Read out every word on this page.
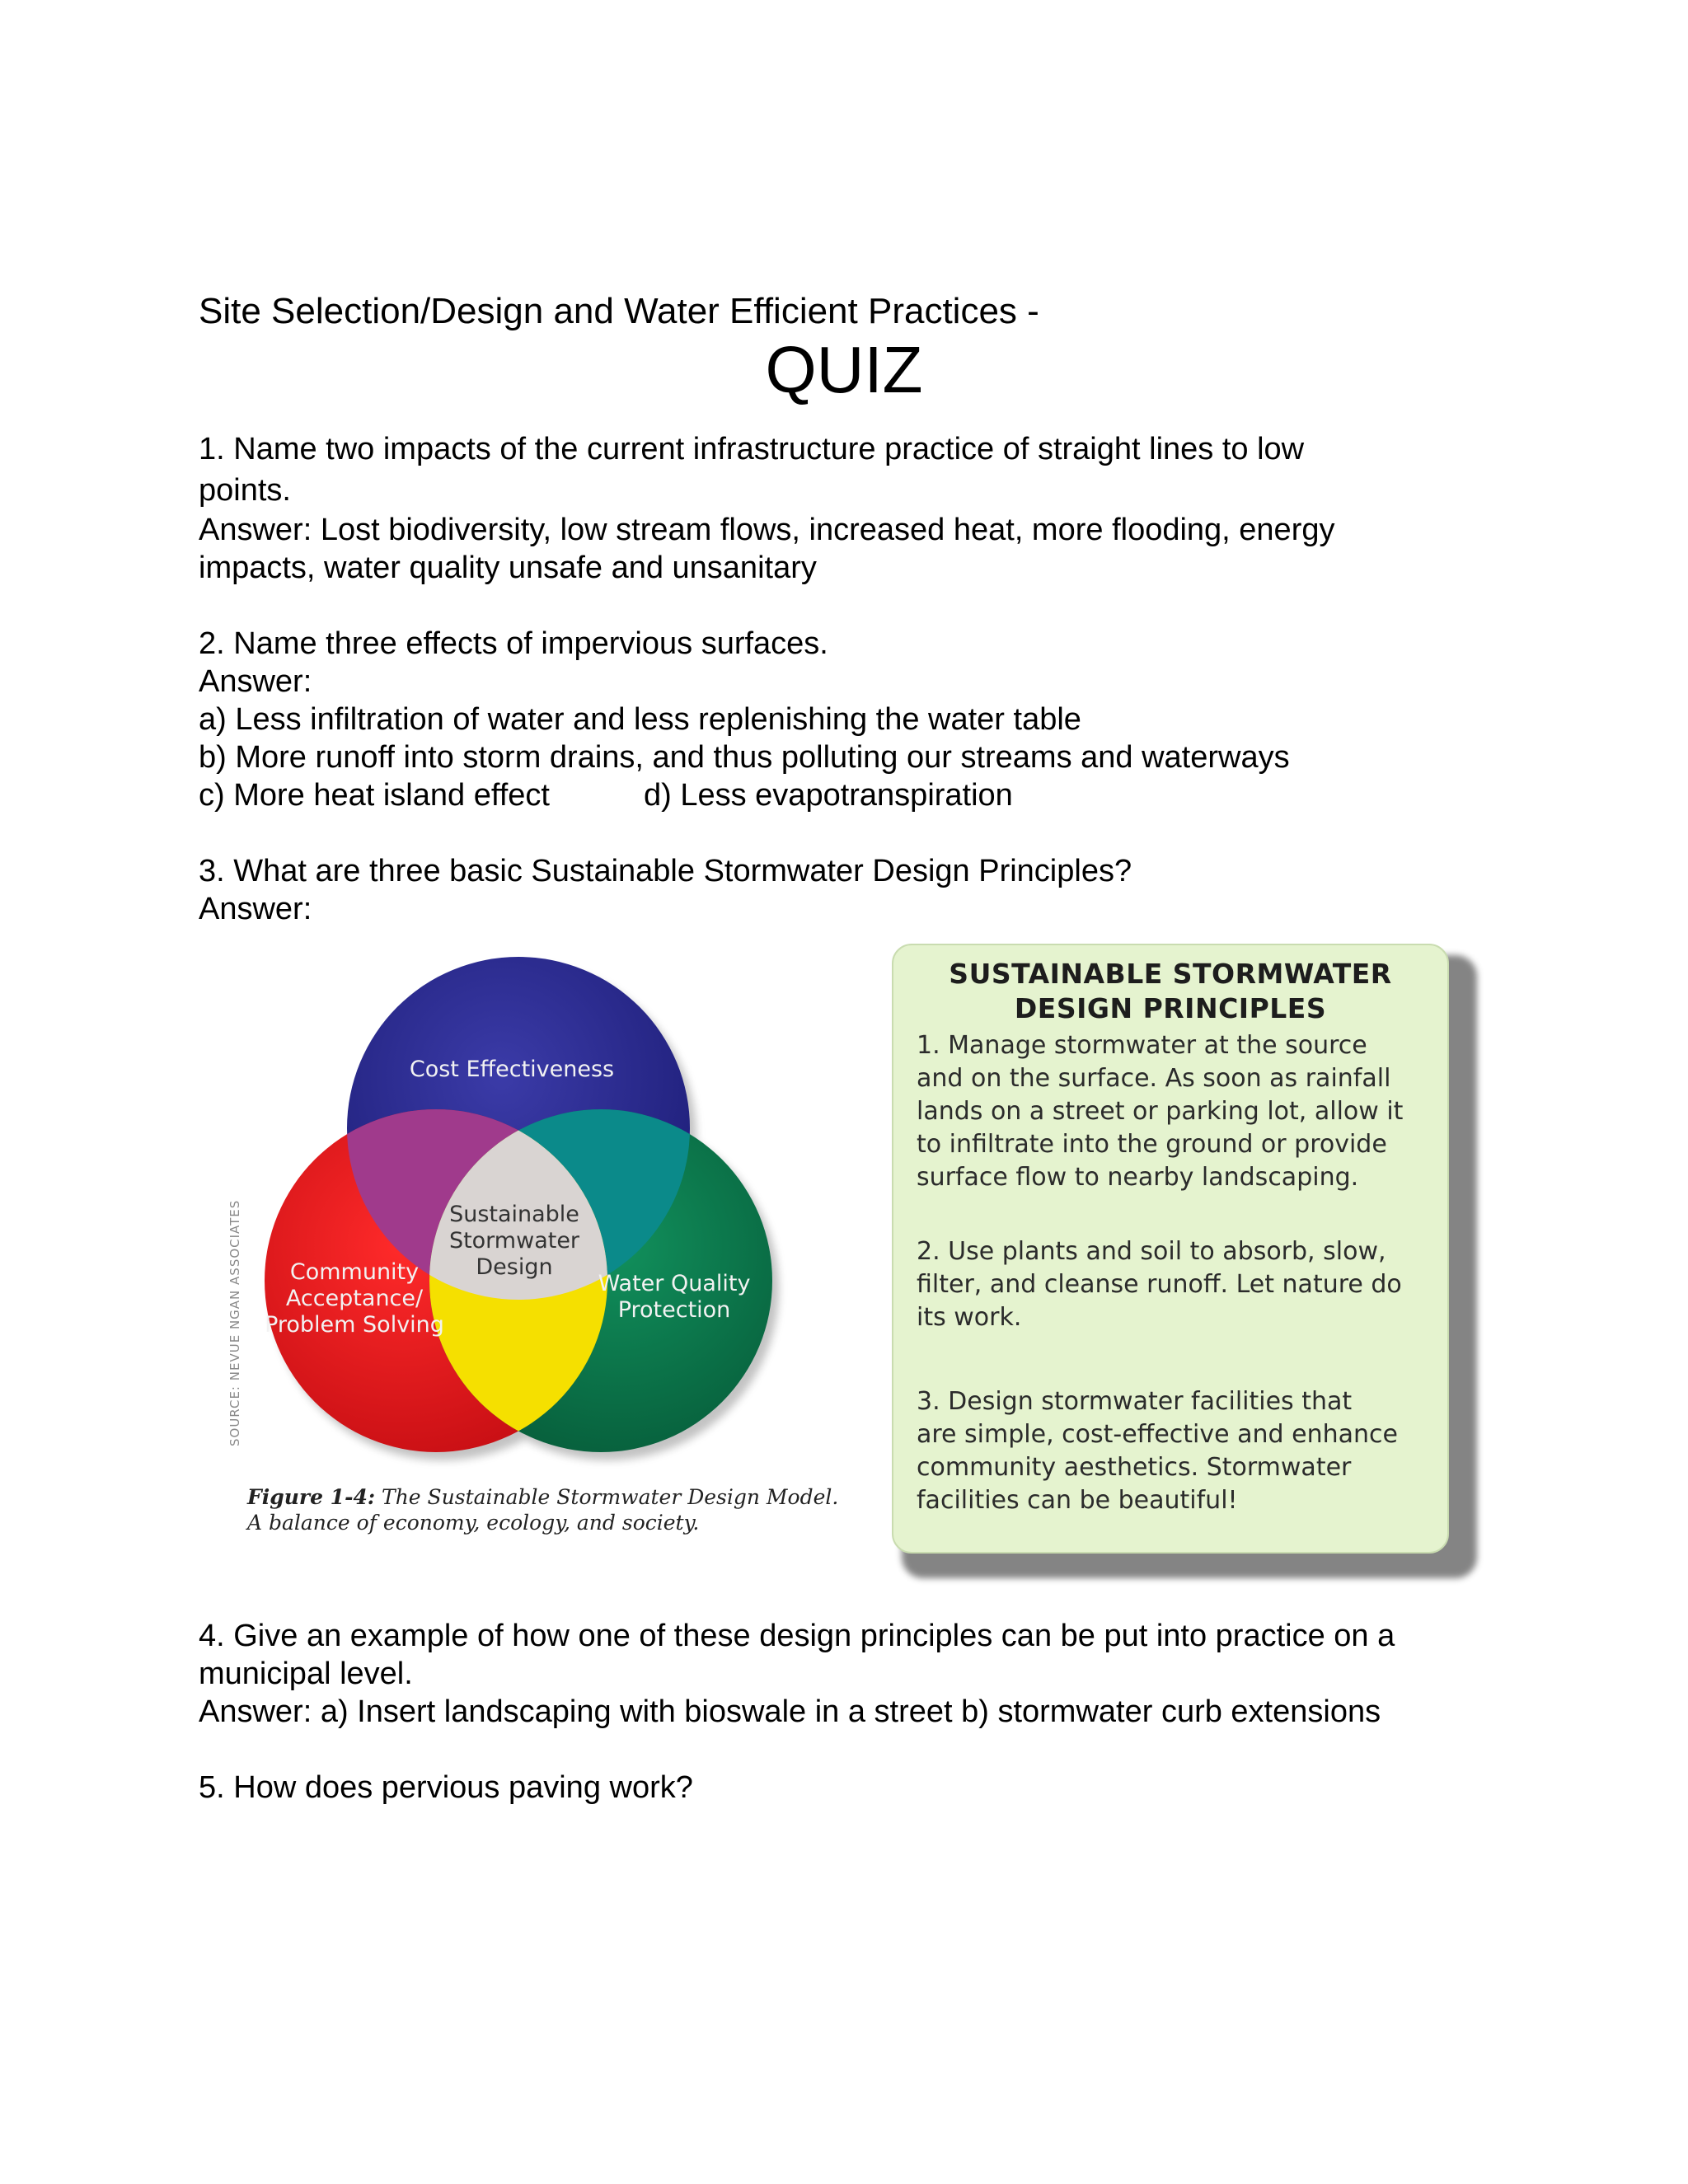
Site Selection/Design and Water Efficient Practices -
QUIZ
1. Name two impacts of the current infrastructure practice of straight lines to low
points.
Answer: Lost biodiversity, low stream flows, increased heat, more flooding, energy
impacts, water quality unsafe and unsanitary
2. Name three effects of impervious surfaces.
Answer:
a) Less infiltration of water and less replenishing the water table
b) More runoff into storm drains, and thus polluting our streams and waterways
c) More heat island effect	d) Less evapotranspiration
3. What are three basic Sustainable Stormwater Design Principles?
Answer:
Cost Effectiveness
Community
Acceptance/
Problem Solving
Water Quality
Protection
Sustainable
Stormwater
Design
SOURCE: NEVUE NGAN ASSOCIATES
Figure 1-4: The Sustainable Stormwater Design Model.
A balance of economy, ecology, and society.
SUSTAINABLE STORMWATER
DESIGN PRINCIPLES
1. Manage stormwater at the source
and on the surface. As soon as rainfall
lands on a street or parking lot, allow it
to infiltrate into the ground or provide
surface flow to nearby landscaping.
2. Use plants and soil to absorb, slow,
filter, and cleanse runoff. Let nature do
its work.
3. Design stormwater facilities that
are simple, cost-effective and enhance
community aesthetics. Stormwater
facilities can be beautiful!
4. Give an example of how one of these design principles can be put into practice on a
municipal level.
Answer: a) Insert landscaping with bioswale in a street b) stormwater curb extensions
5. How does pervious paving work?
